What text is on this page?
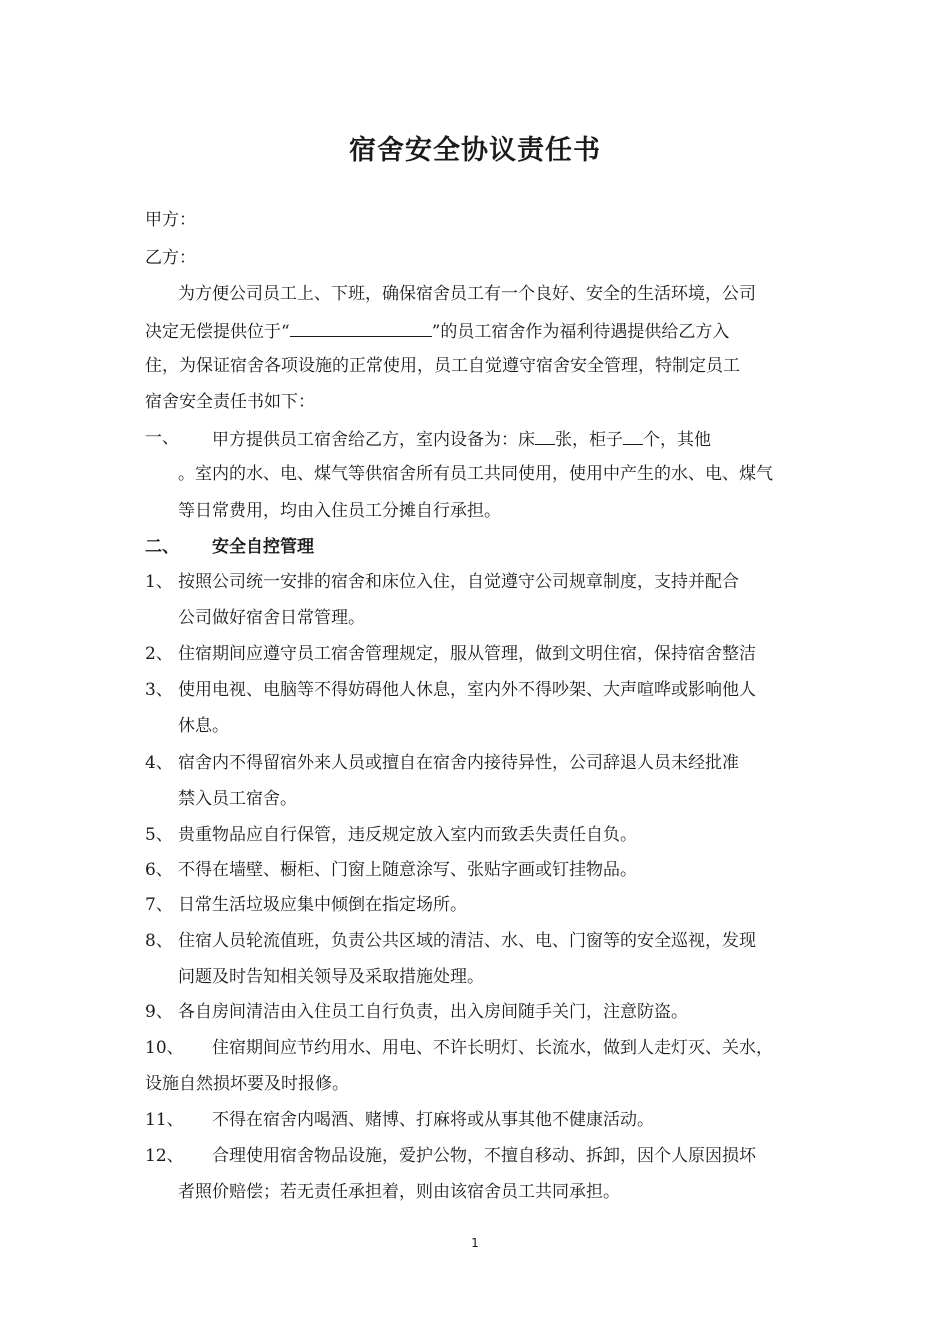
宿舍安全协议责任书
甲方：
乙方：
为方便公司员工上、下班，确保宿舍员工有一个良好、安全的生活环境，公司
决定无偿提供位于“	”的员工宿舍作为福利待遇提供给乙方入
住，为保证宿舍各项设施的正常使用，员工自觉遵守宿舍安全管理，特制定员工
宿舍安全责任书如下：
一、 甲方提供员工宿舍给乙方，室内设备为：床 张，柜子 个，其他
。室内的水、电、煤气等供宿舍所有员工共同使用，使用中产生的水、电、煤气
等日常费用，均由入住员工分摊自行承担。
二、 安全自控管理
1、 按照公司统一安排的宿舍和床位入住，自觉遵守公司规章制度，支持并配合
公司做好宿舍日常管理。
2、 住宿期间应遵守员工宿舍管理规定，服从管理，做到文明住宿，保持宿舍整洁
3、 使用电视、电脑等不得妨碍他人休息，室内外不得吵架、大声喧哗或影响他人
休息。
4、 宿舍内不得留宿外来人员或擅自在宿舍内接待异性，公司辞退人员未经批准
禁入员工宿舍。
5、 贵重物品应自行保管，违反规定放入室内而致丢失责任自负。
6、 不得在墙壁、橱柜、门窗上随意涂写、张贴字画或钉挂物品。
7、 日常生活垃圾应集中倾倒在指定场所。
8、 住宿人员轮流值班，负责公共区域的清洁、水、电、门窗等的安全巡视，发现
问题及时告知相关领导及采取措施处理。
9、 各自房间清洁由入住员工自行负责，出入房间随手关门，注意防盗。
10、 住宿期间应节约用水、用电、不许长明灯、长流水，做到人走灯灭、关水，
设施自然损坏要及时报修。
11、 不得在宿舍内喝酒、赌博、打麻将或从事其他不健康活动。
12、 合理使用宿舍物品设施，爱护公物，不擅自移动、拆卸，因个人原因损坏
者照价赔偿；若无责任承担着，则由该宿舍员工共同承担。
1
